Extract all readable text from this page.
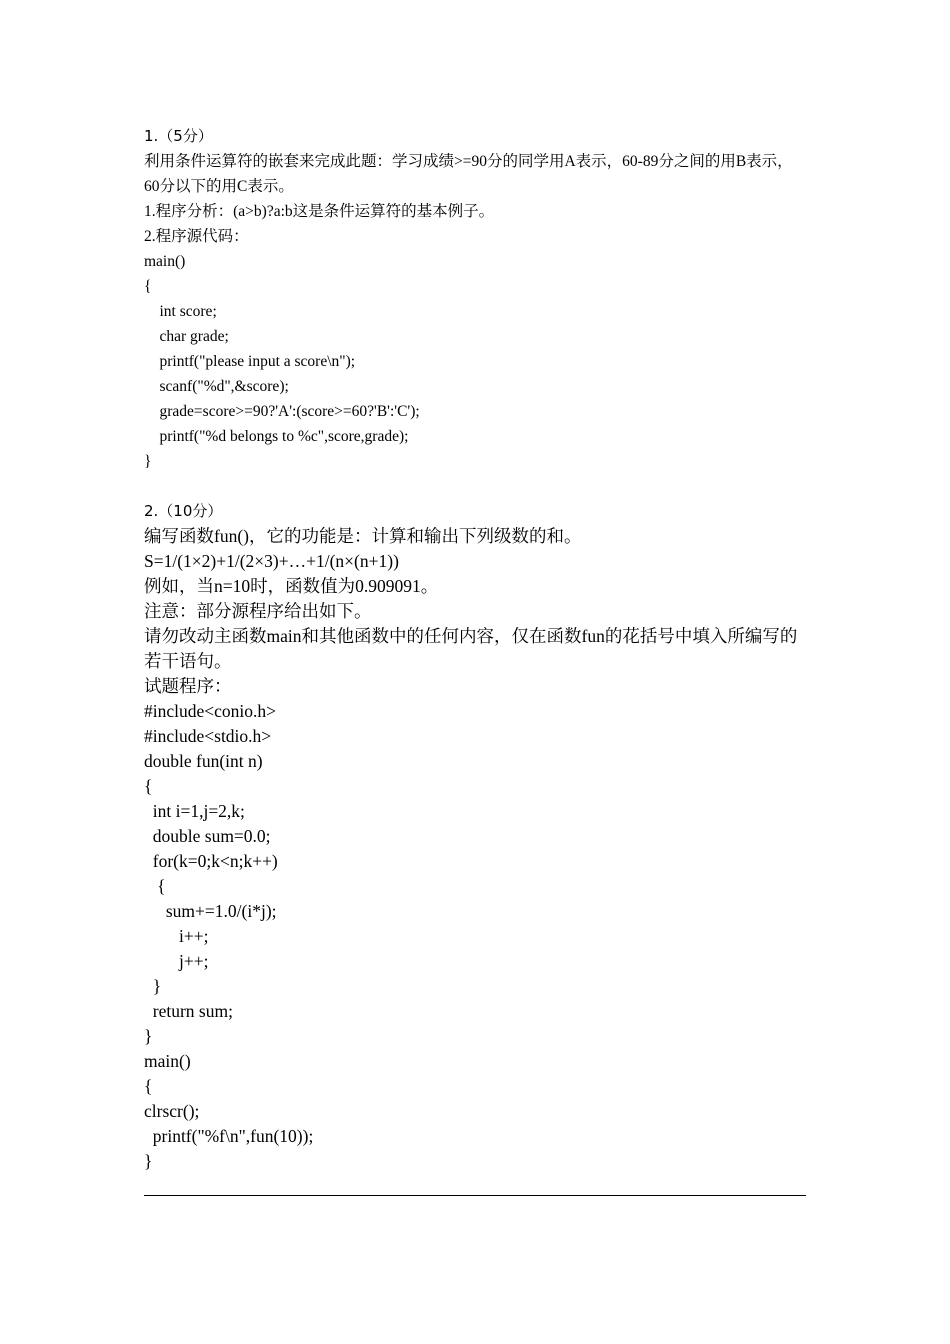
1.（5分）

利用条件运算符的嵌套来完成此题：学习成绩>=90分的同学用A表示，60-89分之间的用B表示，60分以下的用C表示。

1.程序分析：(a>b)?a:b这是条件运算符的基本例子。

2.程序源代码：

main()

{

int score;

char grade;

printf("please input a score\n");

scanf("%d",&score);

grade=score>=90?'A':(score>=60?'B':'C');

printf("%d belongs to %c",score,grade);

}

2.（10分）

编写函数fun()，它的功能是：计算和输出下列级数的和。

S=1/(1×2)+1/(2×3)+…+1/(n×(n+1))

例如，当n=10时，函数值为0.909091。

注意：部分源程序给出如下。

请勿改动主函数main和其他函数中的任何内容，仅在函数fun的花括号中填入所编写的若干语句。

试题程序：

#include<conio.h>

#include<stdio.h>

double fun(int n)

{

int i=1,j=2,k;

double sum=0.0;

for(k=0;k<n;k++)

{

sum+=1.0/(i*j);

i++;

j++;

}

return sum;

}

main()

{

clrscr();

printf("%f\n",fun(10));

}
